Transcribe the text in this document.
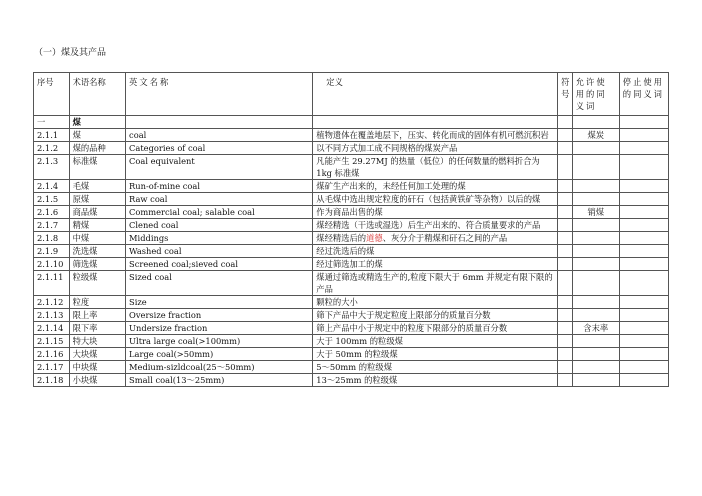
（一）煤及其产品
序号	术语名称	英文名称	定义	符号	允许使用的同义词	停止使用的同义词
一	煤					
2.1.1	煤	coal	植物遗体在覆盖地层下，压实、转化而成的固体有机可燃沉积岩		煤炭	
2.1.2	煤的品种	Categories of coal	以不同方式加工成不同规格的煤炭产品			
2.1.3	标准煤	Coal equivalent	凡能产生 29.27MJ 的热量（低位）的任何数量的燃料折合为 1kg 标准煤			
2.1.4	毛煤	Run-of-mine coal	煤矿生产出来的，未经任何加工处理的煤			
2.1.5	原煤	Raw coal	从毛煤中选出规定粒度的矸石（包括黄铁矿等杂物）以后的煤			
2.1.6	商品煤	Commercial coal; salable coal	作为商品出售的煤		销煤	
2.1.7	精煤	Clened coal	煤经精选（干选或湿选）后生产出来的、符合质量要求的产品			
2.1.8	中煤	Middings	煤经精选后的道德、灰分介于精煤和矸石之间的产品			
2.1.9	洗选煤	Washed coal	经过洗选后的煤			
2.1.10	筛选煤	Screened coal;sieved coal	经过筛选加工的煤			
2.1.11	粒级煤	Sized coal	煤通过筛选或精选生产的,粒度下限大于 6mm 并规定有限下限的产品			
2.1.12	粒度	Size	颗粒的大小			
2.1.13	限上率	Oversize fraction	筛下产品中大于规定粒度上限部分的质量百分数			
2.1.14	限下率	Undersize fraction	筛上产品中小于规定中的粒度下限部分的质量百分数		含末率	
2.1.15	特大块	Ultra large coal(>100mm)	大于 100mm 的粒级煤			
2.1.16	大块煤	Large coal(>50mm)	大于 50mm 的粒级煤			
2.1.17	中块煤	Medium-sizldcoal(25～50mm)	5～50mm 的粒级煤			
2.1.18	小块煤	Small coal(13～25mm)	13～25mm 的粒级煤			
